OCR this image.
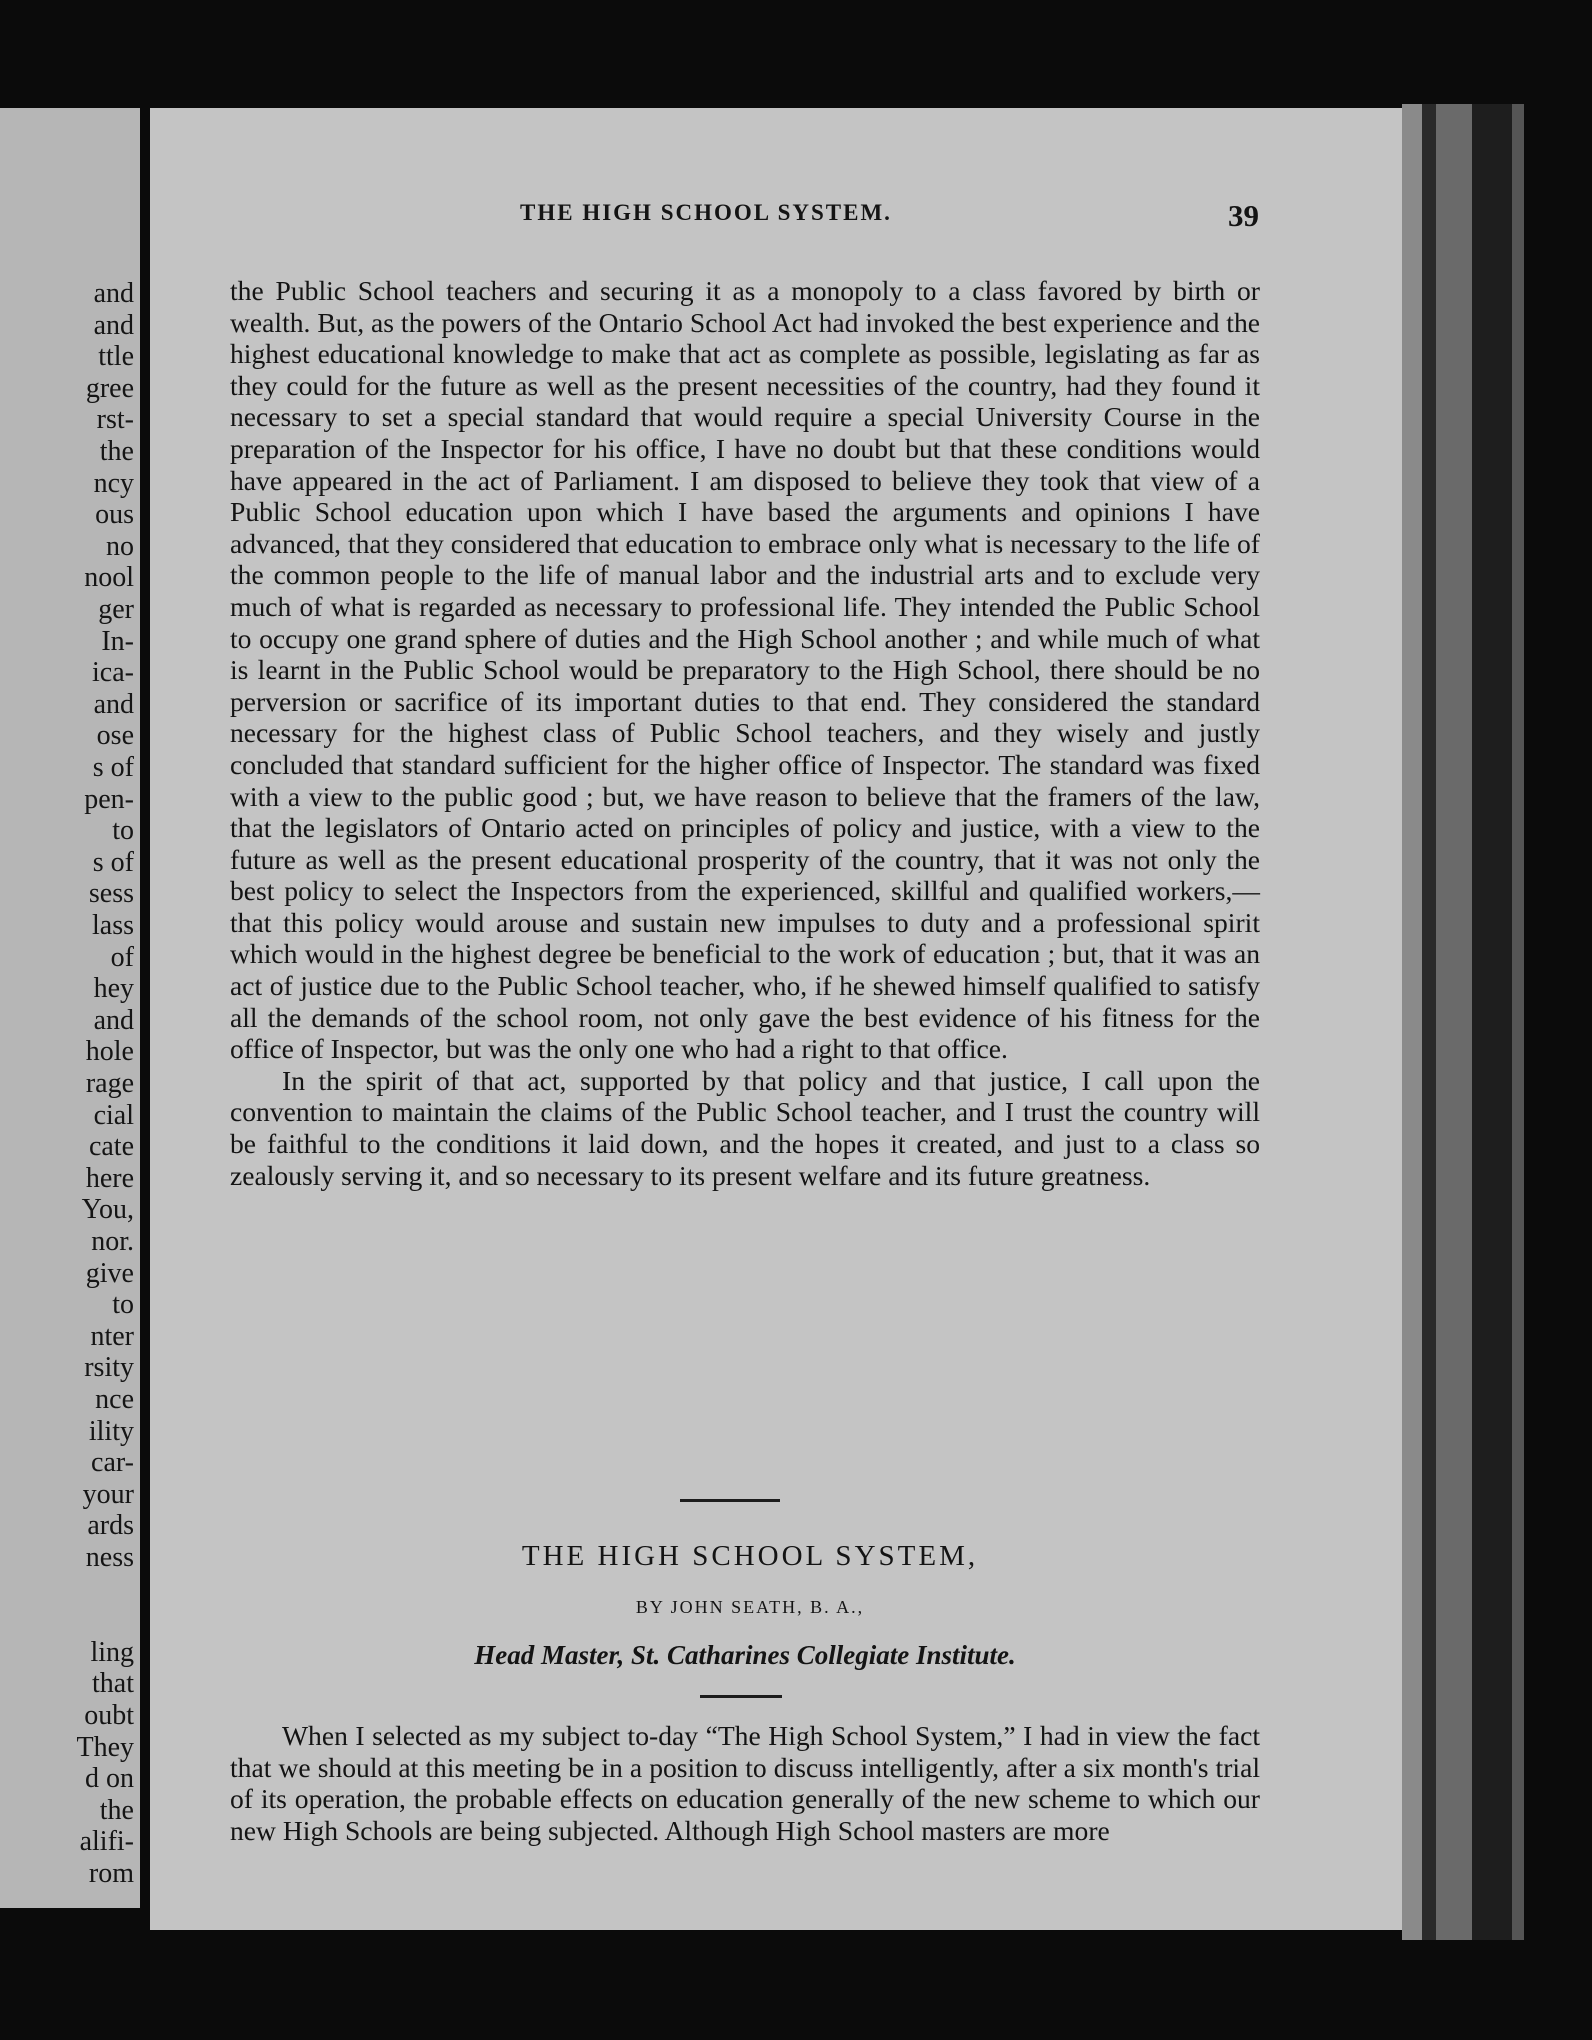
and
and
ttle
gree
rst-
the
ncy
ous
no
nool
ger
In-
ica-
and
ose
s of
pen-
to
s of
sess
lass
of
hey
and
hole
rage
cial
cate
here
You,
nor.
give
to
nter
rsity
nce
ility
car-
your
ards
ness
ling
that
oubt
They
d on
the
alifi-
rom
THE HIGH SCHOOL SYSTEM.	39

the Public School teachers and securing it as a monopoly to a class favored by birth or wealth. But, as the powers of the Ontario School Act had invoked the best experience and the highest educational knowledge to make that act as complete as possible, legislating as far as they could for the future as well as the present necessities of the country, had they found it necessary to set a special standard that would require a special University Course in the preparation of the Inspector for his office, I have no doubt but that these conditions would have appeared in the act of Parliament. I am disposed to believe they took that view of a Public School education upon which I have based the arguments and opinions I have advanced, that they considered that education to embrace only what is necessary to the life of the common people to the life of manual labor and the industrial arts and to exclude very much of what is regarded as necessary to professional life. They intended the Public School to occupy one grand sphere of duties and the High School another ; and while much of what is learnt in the Public School would be preparatory to the High School, there should be no perversion or sacrifice of its important duties to that end. They considered the standard necessary for the highest class of Public School teachers, and they wisely and justly concluded that standard sufficient for the higher office of Inspector. The standard was fixed with a view to the public good ; but, we have reason to believe that the framers of the law, that the legislators of Ontario acted on principles of policy and justice, with a view to the future as well as the present educational prosperity of the country, that it was not only the best policy to select the Inspectors from the experienced, skillful and qualified workers,— that this policy would arouse and sustain new impulses to duty and a professional spirit which would in the highest degree be beneficial to the work of education ; but, that it was an act of justice due to the Public School teacher, who, if he shewed himself qualified to satisfy all the demands of the school room, not only gave the best evidence of his fitness for the office of Inspector, but was the only one who had a right to that office.

In the spirit of that act, supported by that policy and that justice, I call upon the convention to maintain the claims of the Public School teacher, and I trust the country will be faithful to the conditions it laid down, and the hopes it created, and just to a class so zealously serving it, and so necessary to its present welfare and its future greatness.

THE HIGH SCHOOL SYSTEM,
BY JOHN SEATH, B. A.,
Head Master, St. Catharines Collegiate Institute.

When I selected as my subject to-day “The High School System,” I had in view the fact that we should at this meeting be in a position to discuss intelligently, after a six month's trial of its operation, the probable effects on education generally of the new scheme to which our new High Schools are being subjected. Although High School masters are more
